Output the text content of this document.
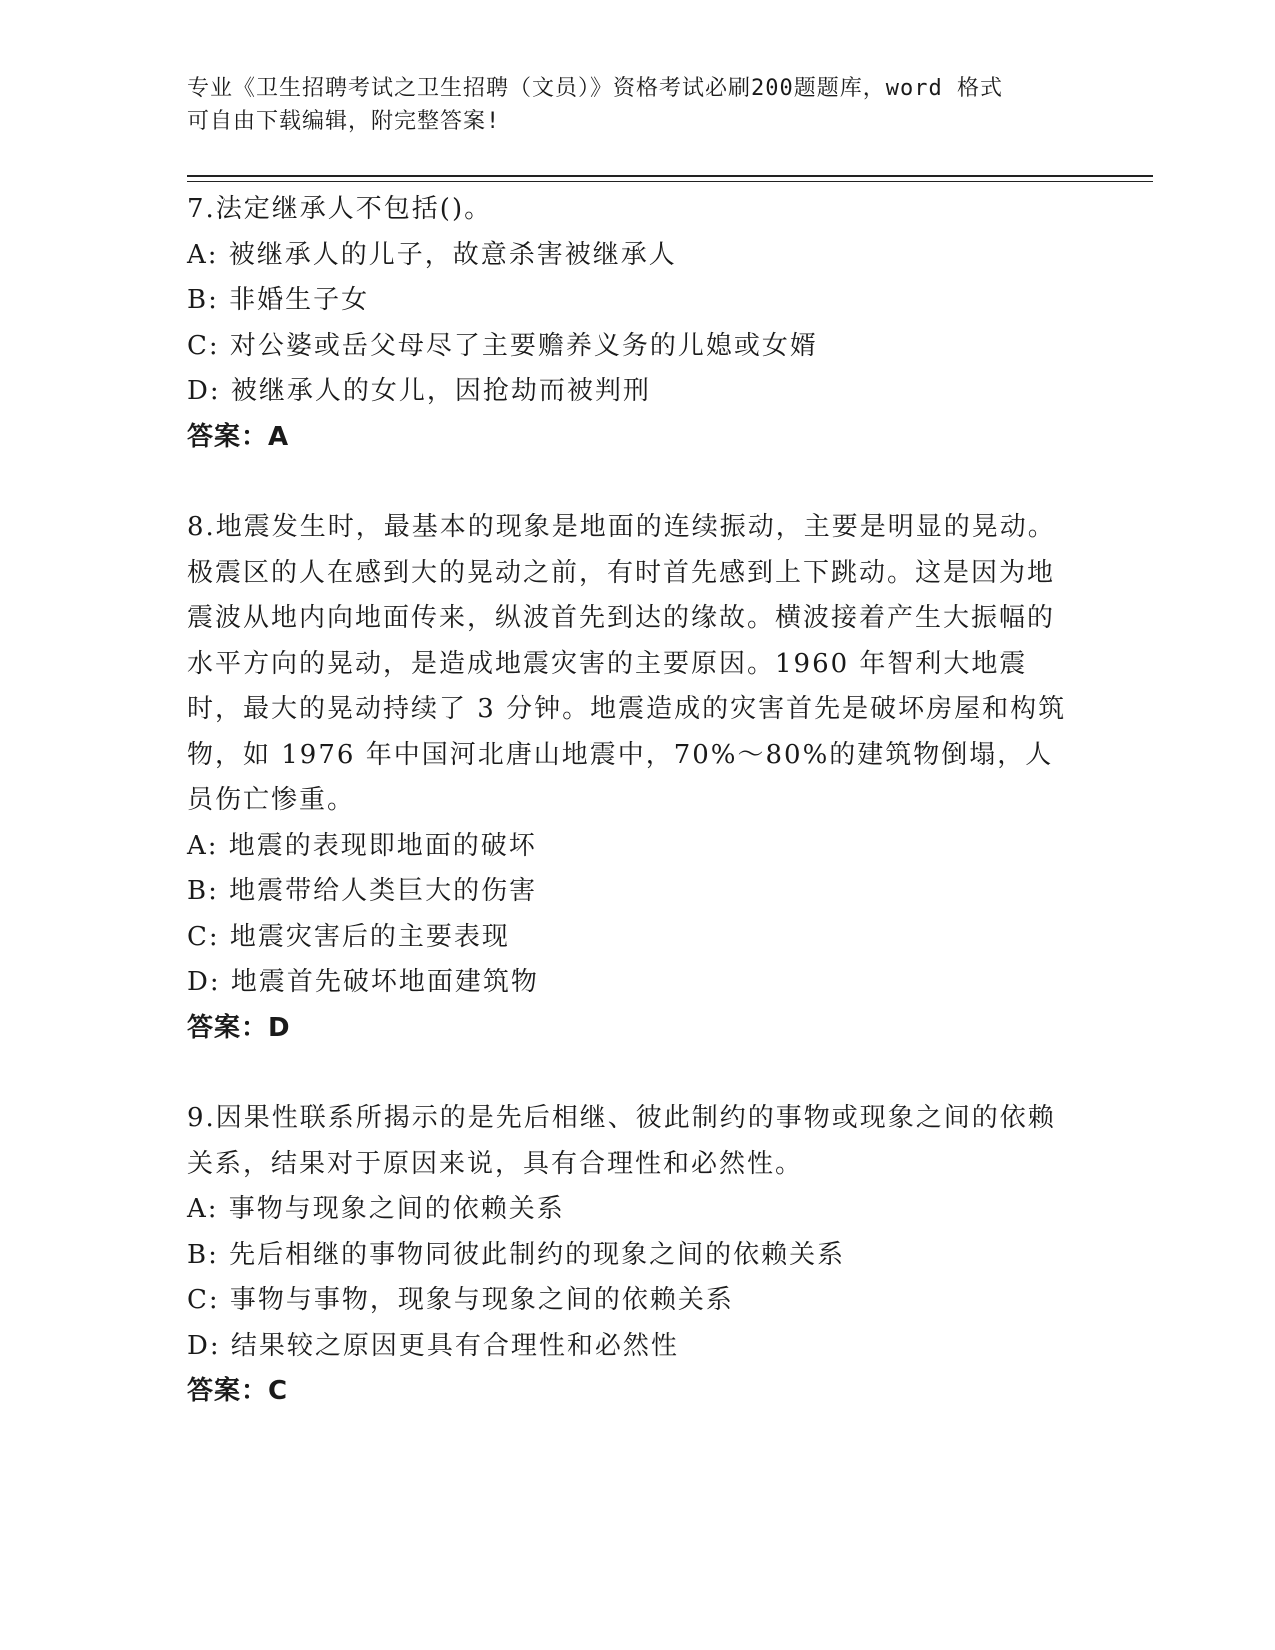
专业《卫生招聘考试之卫生招聘（文员）》资格考试必刷200题题库，word 格式
可自由下载编辑，附完整答案!

7.法定继承人不包括()。

A: 被继承人的儿子，故意杀害被继承人

B: 非婚生子女

C: 对公婆或岳父母尽了主要赡养义务的儿媳或女婿

D: 被继承人的女儿，因抢劫而被判刑

答案：A

8.地震发生时，最基本的现象是地面的连续振动，主要是明显的晃动。极震区的人在感到大的晃动之前，有时首先感到上下跳动。这是因为地震波从地内向地面传来，纵波首先到达的缘故。横波接着产生大振幅的水平方向的晃动，是造成地震灾害的主要原因。1960 年智利大地震时，最大的晃动持续了 3 分钟。地震造成的灾害首先是破坏房屋和构筑物，如 1976 年中国河北唐山地震中，70%～80%的建筑物倒塌，人员伤亡惨重。

A: 地震的表现即地面的破坏

B: 地震带给人类巨大的伤害

C: 地震灾害后的主要表现

D: 地震首先破坏地面建筑物

答案：D

9.因果性联系所揭示的是先后相继、彼此制约的事物或现象之间的依赖关系，结果对于原因来说，具有合理性和必然性。

A: 事物与现象之间的依赖关系

B: 先后相继的事物同彼此制约的现象之间的依赖关系

C: 事物与事物，现象与现象之间的依赖关系

D: 结果较之原因更具有合理性和必然性

答案：C
